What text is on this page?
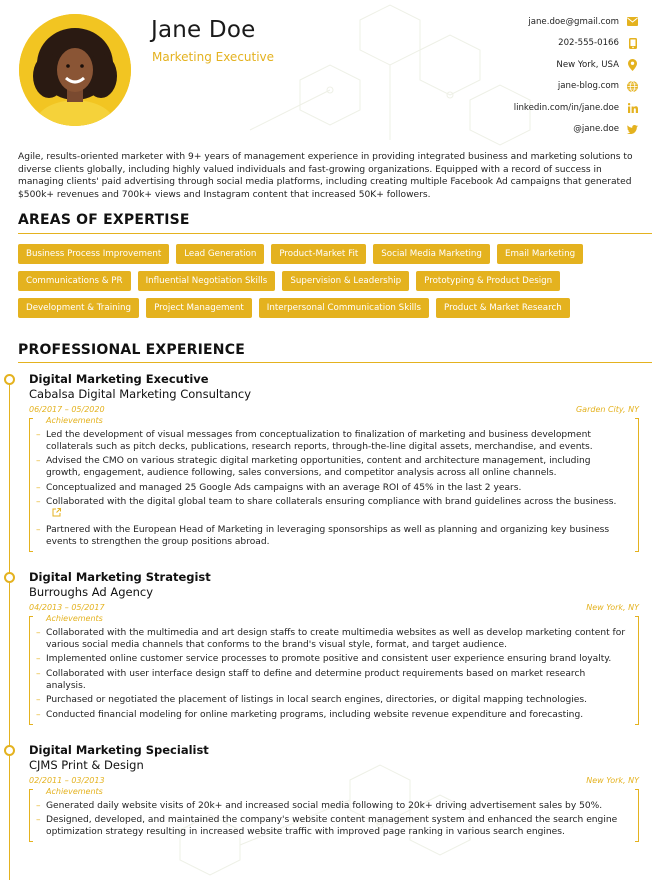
Jane Doe
Marketing Executive
jane.doe@gmail.com
202-555-0166
New York, USA
jane-blog.com
linkedin.com/in/jane.doe
@jane.doe

Agile, results-oriented marketer with 9+ years of management experience in providing integrated business and marketing solutions to diverse clients globally, including highly valued individuals and fast-growing organizations. Equipped with a record of success in managing clients' paid advertising through social media platforms, including creating multiple Facebook Ad campaigns that generated $500k+ revenues and 700k+ views and Instagram content that increased 50K+ followers.

AREAS OF EXPERTISE
Business Process Improvement	Lead Generation	Product-Market Fit	Social Media Marketing	Email Marketing
Communications & PR	Influential Negotiation Skills	Supervision & Leadership	Prototyping & Product Design
Development & Training	Project Management	Interpersonal Communication Skills	Product & Market Research
PROFESSIONAL EXPERIENCE
Digital Marketing Executive
Cabalsa Digital Marketing Consultancy
06/2017 – 05/2020	Garden City, NY
Achievements
– Led the development of visual messages from conceptualization to finalization of marketing and business development collaterals such as pitch decks, publications, research reports, through-the-line digital assets, merchandise, and events.
– Advised the CMO on various strategic digital marketing opportunities, content and architecture management, including growth, engagement, audience following, sales conversions, and competitor analysis across all online channels.
– Conceptualized and managed 25 Google Ads campaigns with an average ROI of 45% in the last 2 years.
– Collaborated with the digital global team to share collaterals ensuring compliance with brand guidelines across the business.
– Partnered with the European Head of Marketing in leveraging sponsorships as well as planning and organizing key business events to strengthen the group positions abroad.
Digital Marketing Strategist
Burroughs Ad Agency
04/2013 – 05/2017	New York, NY
Achievements
– Collaborated with the multimedia and art design staffs to create multimedia websites as well as develop marketing content for various social media channels that conforms to the brand's visual style, format, and target audience.
– Implemented online customer service processes to promote positive and consistent user experience ensuring brand loyalty.
– Collaborated with user interface design staff to define and determine product requirements based on market research analysis.
– Purchased or negotiated the placement of listings in local search engines, directories, or digital mapping technologies.
– Conducted financial modeling for online marketing programs, including website revenue expenditure and forecasting.
Digital Marketing Specialist
CJMS Print & Design
02/2011 – 03/2013	New York, NY
Achievements
– Generated daily website visits of 20k+ and increased social media following to 20k+ driving advertisement sales by 50%.
– Designed, developed, and maintained the company's website content management system and enhanced the search engine optimization strategy resulting in increased website traffic with improved page ranking in various search engines.
